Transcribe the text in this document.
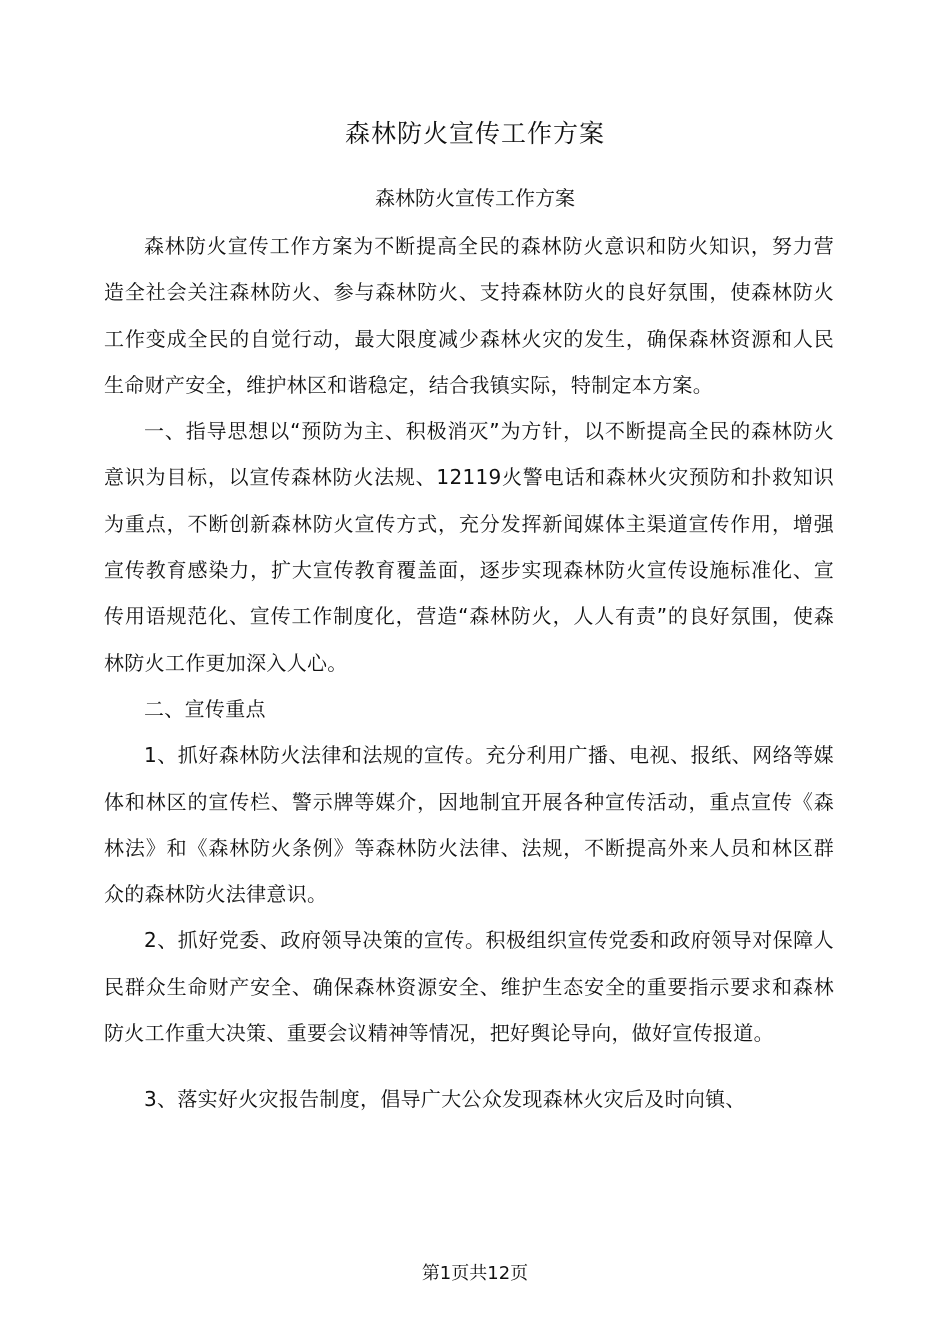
森林防火宣传工作方案
森林防火宣传工作方案

森林防火宣传工作方案为不断提高全民的森林防火意识和防火知识，努力营造全社会关注森林防火、参与森林防火、支持森林防火的良好氛围，使森林防火工作变成全民的自觉行动，最大限度减少森林火灾的发生，确保森林资源和人民生命财产安全，维护林区和谐稳定，结合我镇实际，特制定本方案。

一、指导思想以“预防为主、积极消灭”为方针，以不断提高全民的森林防火意识为目标，以宣传森林防火法规、12119火警电话和森林火灾预防和扑救知识为重点，不断创新森林防火宣传方式，充分发挥新闻媒体主渠道宣传作用，增强宣传教育感染力，扩大宣传教育覆盖面，逐步实现森林防火宣传设施标准化、宣传用语规范化、宣传工作制度化，营造“森林防火，人人有责”的良好氛围，使森林防火工作更加深入人心。

二、宣传重点

1、抓好森林防火法律和法规的宣传。充分利用广播、电视、报纸、网络等媒体和林区的宣传栏、警示牌等媒介，因地制宜开展各种宣传活动，重点宣传《森林法》和《森林防火条例》等森林防火法律、法规，不断提高外来人员和林区群众的森林防火法律意识。

2、抓好党委、政府领导决策的宣传。积极组织宣传党委和政府领导对保障人民群众生命财产安全、确保森林资源安全、维护生态安全的重要指示要求和森林防火工作重大决策、重要会议精神等情况，把好舆论导向，做好宣传报道。

3、落实好火灾报告制度，倡导广大公众发现森林火灾后及时向镇、

第1页共12页
